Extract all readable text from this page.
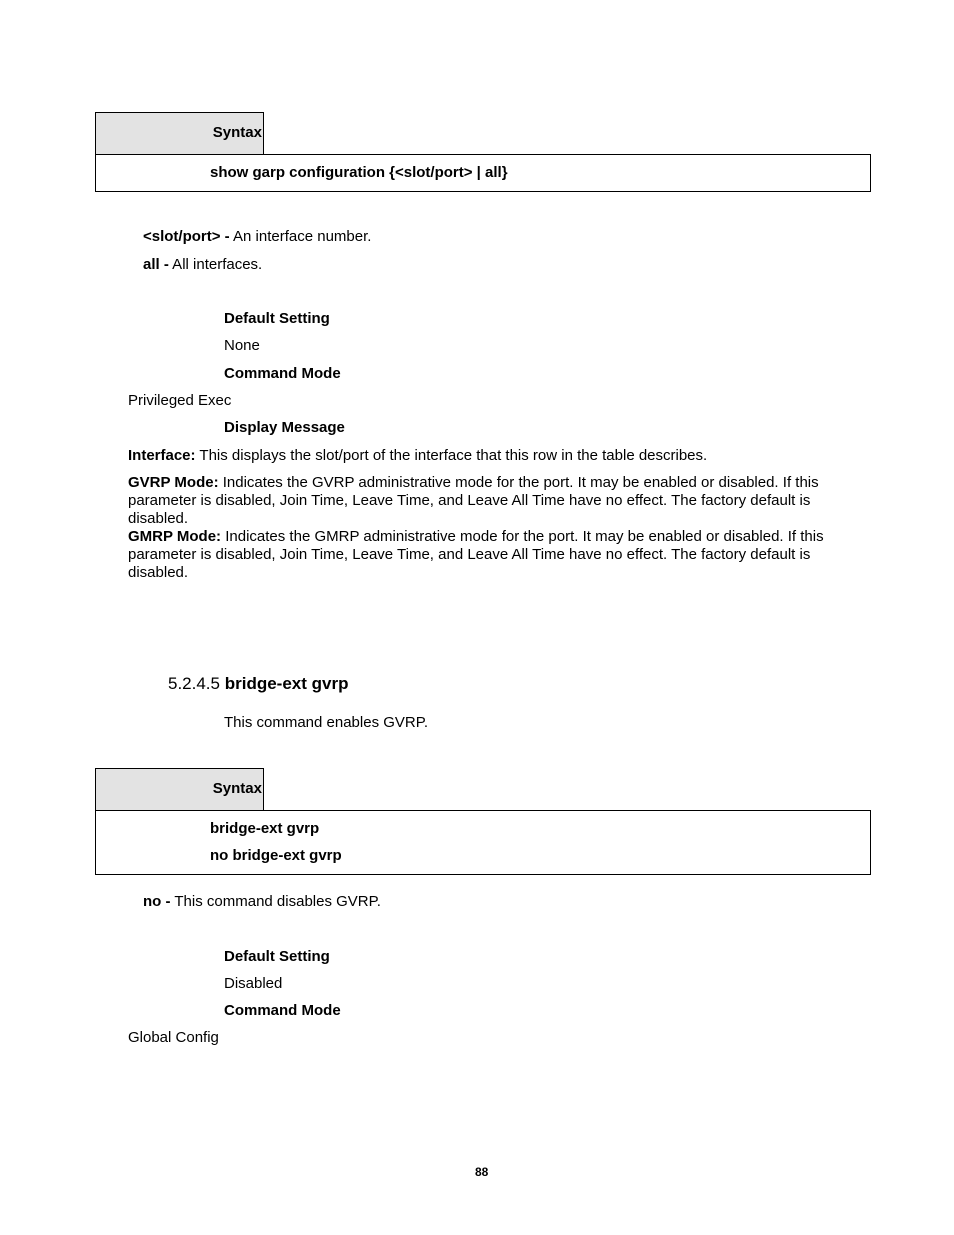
Syntax
show garp configuration {<slot/port> | all}
<slot/port> - An interface number.
all - All interfaces.
Default Setting
None
Command Mode
Privileged Exec
Display Message
Interface: This displays the slot/port of the interface that this row in the table describes.
GVRP Mode: Indicates the GVRP administrative mode for the port. It may be enabled or disabled. If this parameter is disabled, Join Time, Leave Time, and Leave All Time have no effect. The factory default is disabled.
GMRP Mode: Indicates the GMRP administrative mode for the port. It may be enabled or disabled. If this parameter is disabled, Join Time, Leave Time, and Leave All Time have no effect. The factory default is disabled.
5.2.4.5 bridge-ext gvrp
This command enables GVRP.
Syntax
bridge-ext gvrp
no bridge-ext gvrp
no - This command disables GVRP.
Default Setting
Disabled
Command Mode
Global Config
88
